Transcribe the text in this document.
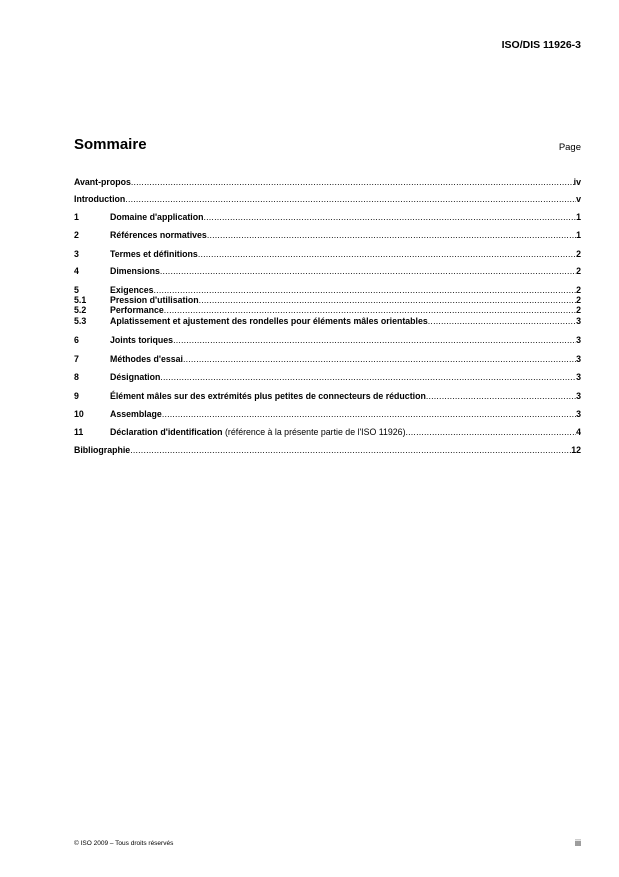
ISO/DIS 11926-3
Sommaire	Page
Avant-propos .....	iv
Introduction .....	v
1	Domaine d'application .....	1
2	Références normatives .....	1
3	Termes et définitions .....	2
4	Dimensions .....	2
5	Exigences .....	2
5.1	Pression d'utilisation .....	2
5.2	Performance .....	2
5.3	Aplatissement et ajustement des rondelles pour éléments mâles orientables .....	3
6	Joints toriques .....	3
7	Méthodes d'essai .....	3
8	Désignation .....	3
9	Élément mâles sur des extrémités plus petites de connecteurs de réduction .....	3
10	Assemblage .....	3
11	Déclaration d'identification (référence à la présente partie de l'ISO 11926) .....	4
Bibliographie .....	12
© ISO 2009 – Tous droits réservés	iii
